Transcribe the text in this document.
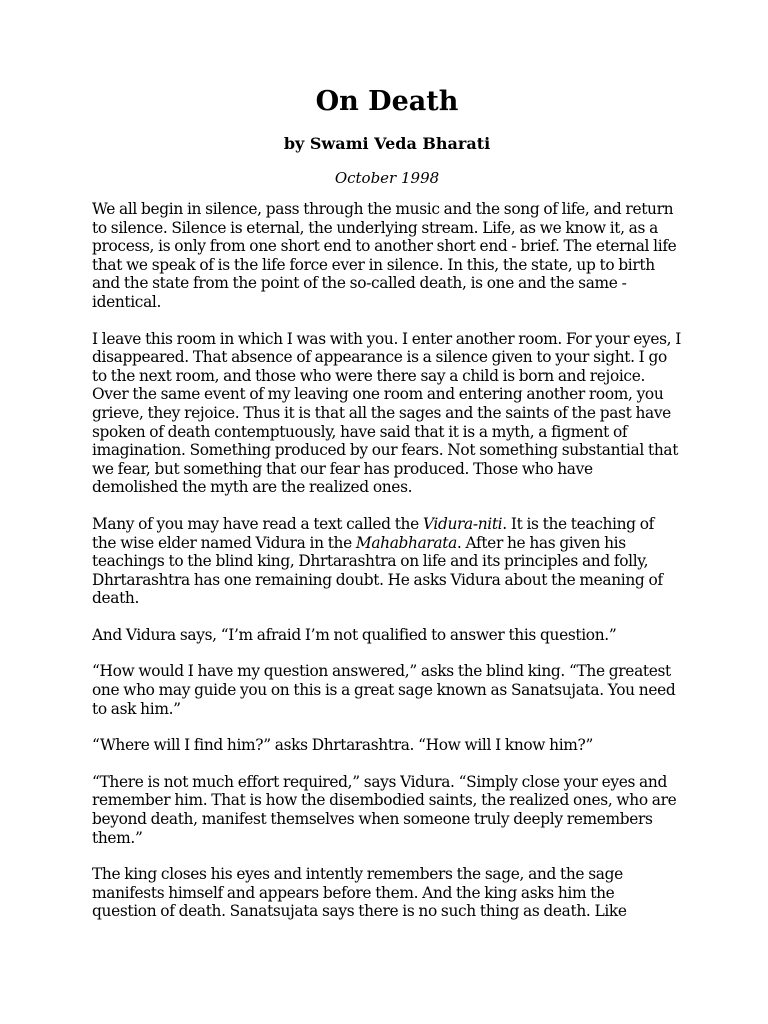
On Death
by Swami Veda Bharati
October 1998

We all begin in silence, pass through the music and the song of life, and return to silence. Silence is eternal, the underlying stream. Life, as we know it, as a process, is only from one short end to another short end - brief. The eternal life that we speak of is the life force ever in silence. In this, the state, up to birth and the state from the point of the so-called death, is one and the same - identical.

I leave this room in which I was with you. I enter another room. For your eyes, I disappeared. That absence of appearance is a silence given to your sight. I go to the next room, and those who were there say a child is born and rejoice. Over the same event of my leaving one room and entering another room, you grieve, they rejoice. Thus it is that all the sages and the saints of the past have spoken of death contemptuously, have said that it is a myth, a figment of imagination. Something produced by our fears. Not something substantial that we fear, but something that our fear has produced. Those who have demolished the myth are the realized ones.

Many of you may have read a text called the Vidura-niti. It is the teaching of the wise elder named Vidura in the Mahabharata. After he has given his teachings to the blind king, Dhrtarashtra on life and its principles and folly, Dhrtarashtra has one remaining doubt. He asks Vidura about the meaning of death.

And Vidura says, “I’m afraid I’m not qualified to answer this question.”

“How would I have my question answered,” asks the blind king. “The greatest one who may guide you on this is a great sage known as Sanatsujata. You need to ask him.”

“Where will I find him?” asks Dhrtarashtra. “How will I know him?”

“There is not much effort required,” says Vidura. “Simply close your eyes and remember him. That is how the disembodied saints, the realized ones, who are beyond death, manifest themselves when someone truly deeply remembers them.”

The king closes his eyes and intently remembers the sage, and the sage manifests himself and appears before them. And the king asks him the question of death. Sanatsujata says there is no such thing as death. Like
